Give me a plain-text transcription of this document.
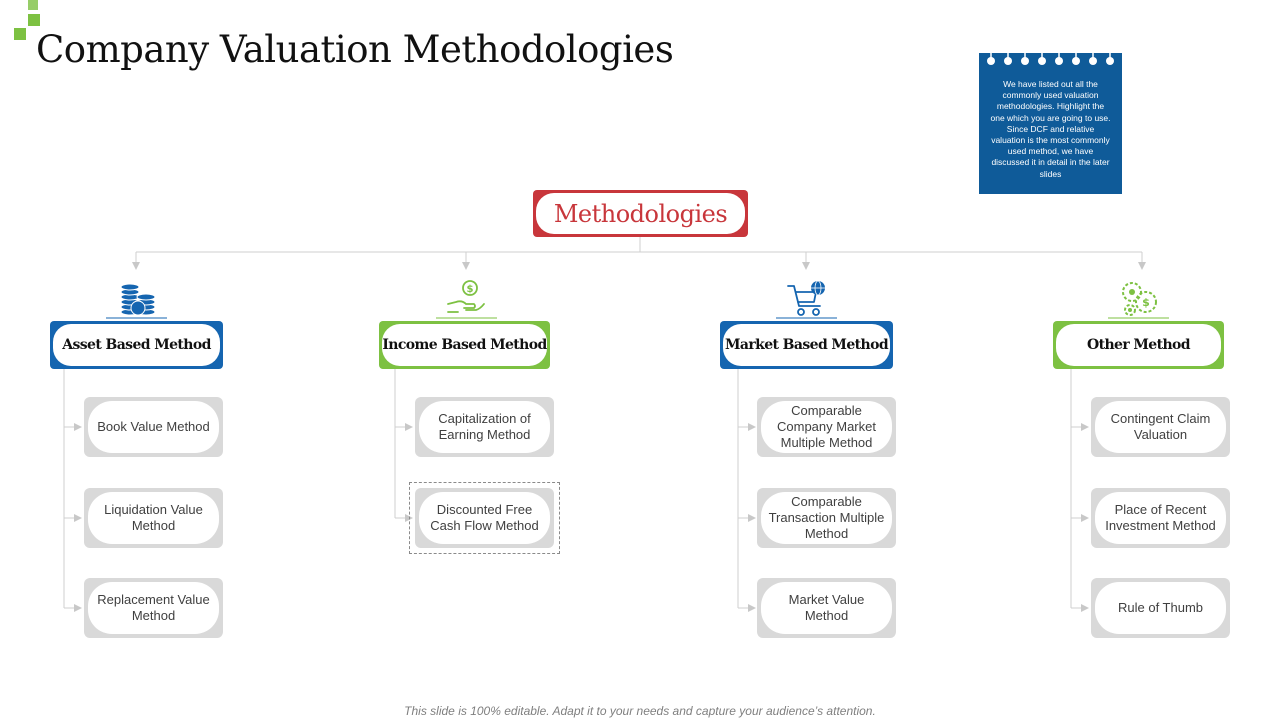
Company Valuation Methodologies
We have listed out all the commonly used valuation methodologies. Highlight the one which you are going to use. Since DCF and relative valuation is the most commonly used method, we have discussed it in detail in the later slides
Methodologies
$
$
Asset Based Method	Income Based Method	Market Based Method	Other Method
Book Value Method
Liquidation Value Method
Replacement Value Method
Capitalization of Earning Method
Discounted Free Cash Flow Method
Comparable Company Market Multiple Method
Comparable Transaction Multiple Method
Market Value Method
Contingent Claim Valuation
Place of Recent Investment Method
Rule of Thumb
This slide is 100% editable. Adapt it to your needs and capture your audience’s attention.
